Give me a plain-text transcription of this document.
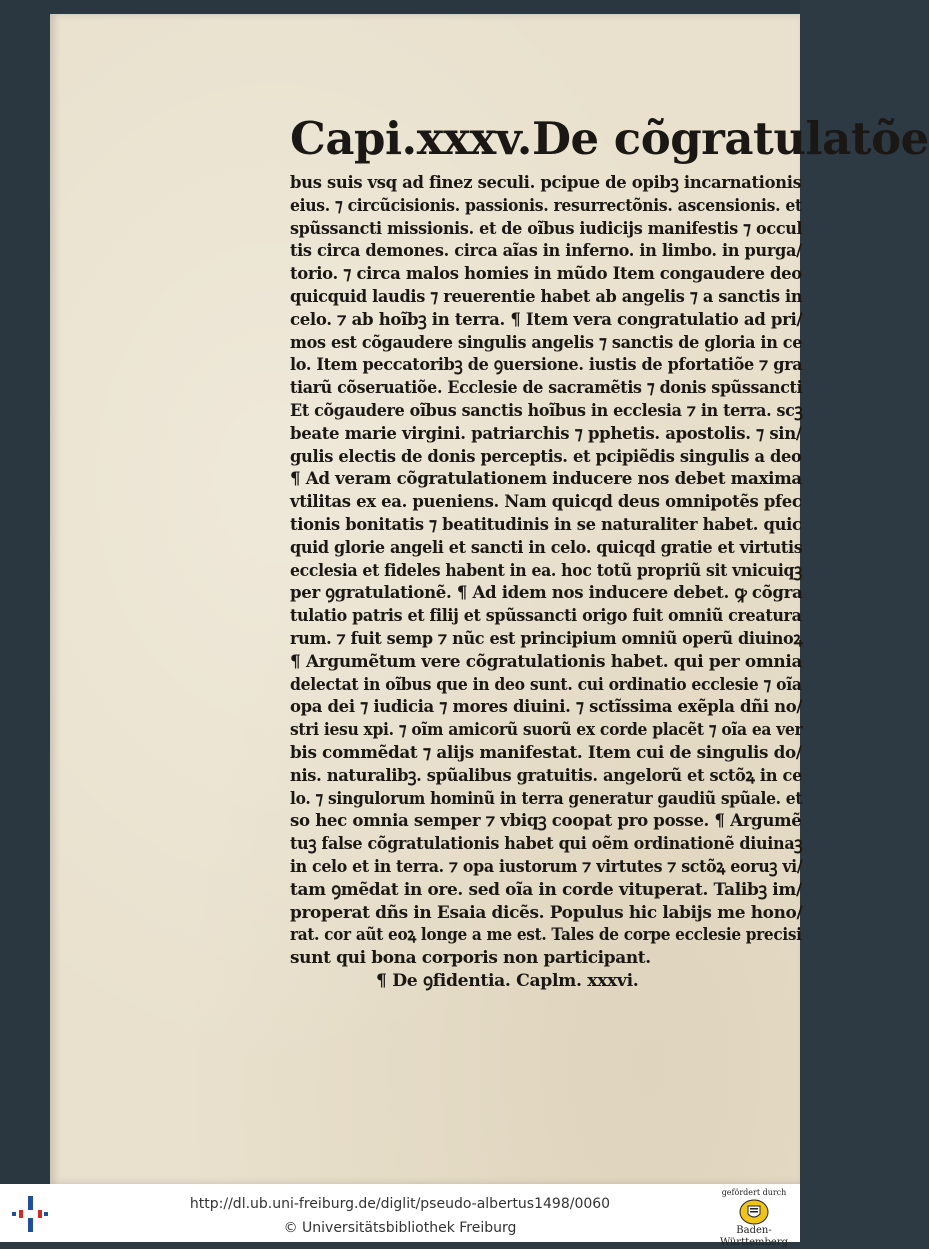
Capi.xxxv. De cõgratulatõe
bus suis vsq ad finez seculi. pcipue de opibꝫ incarnationis
eius. ⁊ circũcisionis. passionis. resurrectõnis. ascensionis. et
spũssancti missionis. et de oĩbus iudicijs manifestis ⁊ occul
tis circa demones. circa aĩas in inferno. in limbo. in purga/
torio. ⁊ circa malos homies in mũdo Item congaudere deo
quicquid laudis ⁊ reuerentie habet ab angelis ⁊ a sanctis in
celo. ⁊ ab hoĩbꝫ in terra. ¶ Item vera congratulatio ad pri/
mos est cõgaudere singulis angelis ⁊ sanctis de gloria in ce
lo. Item peccatoribꝫ de ꝯuersione. iustis de pfortatiõe ⁊ gra
tiarũ cõseruatiõe. Ecclesie de sacramẽtis ⁊ donis spũssancti
Et cõgaudere oĩbus sanctis hoĩbus in ecclesia ⁊ in terra. scꝫ
beate marie virgini. patriarchis ⁊ pphetis. apostolis. ⁊ sin/
gulis electis de donis perceptis. et pcipiẽdis singulis a deo
¶ Ad veram cõgratulationem inducere nos debet maxima
vtilitas ex ea. pueniens. Nam quicqd deus omnipotẽs pfec
tionis bonitatis ⁊ beatitudinis in se naturaliter habet. quic
quid glorie angeli et sancti in celo. quicqd gratie et virtutis
ecclesia et fideles habent in ea. hoc totũ propriũ sit vnicuiqꝫ
per ꝯgratulationẽ. ¶ Ad idem nos inducere debet. ꝙ cõgra
tulatio patris et filij et spũssancti origo fuit omniũ creatura
rum. ⁊ fuit semp ⁊ nũc est principium omniũ operũ diuinoꝝ
¶ Argumẽtum vere cõgratulationis habet. qui per omnia
delectat in oĩbus que in deo sunt. cui ordinatio ecclesie ⁊ oĩa
opa dei ⁊ iudicia ⁊ mores diuini. ⁊ sctĩssima exẽpla dñi no/
stri iesu xpi. ⁊ oĩm amicorũ suorũ ex corde placẽt ⁊ oĩa ea ver
bis commẽdat ⁊ alijs manifestat. Item cui de singulis do/
nis. naturalibꝫ. spũalibus gratuitis. angelorũ et sctõꝝ in ce
lo. ⁊ singulorum hominũ in terra generatur gaudiũ spũale. et
so hec omnia semper ⁊ vbiqꝫ coopat pro posse. ¶ Argumẽ
tuꝫ false cõgratulationis habet qui oẽm ordinationẽ diuinaꝫ
in celo et in terra. ⁊ opa iustorum ⁊ virtutes ⁊ sctõꝝ eoruꝫ vi/
tam ꝯmẽdat in ore. sed oĩa in corde vituperat. Talibꝫ im/
properat dñs in Esaia dicẽs. Populus hic labijs me hono/
rat. cor aũt eoꝝ longe a me est. Tales de corpe ecclesie precisi
sunt qui bona corporis non participant.
¶ De ꝯfidentia. Caplm. xxxvi.
http://dl.ub.uni-freiburg.de/diglit/pseudo-albertus1498/0060
© Universitätsbibliothek Freiburg
gefördert durch
Baden-Württemberg
